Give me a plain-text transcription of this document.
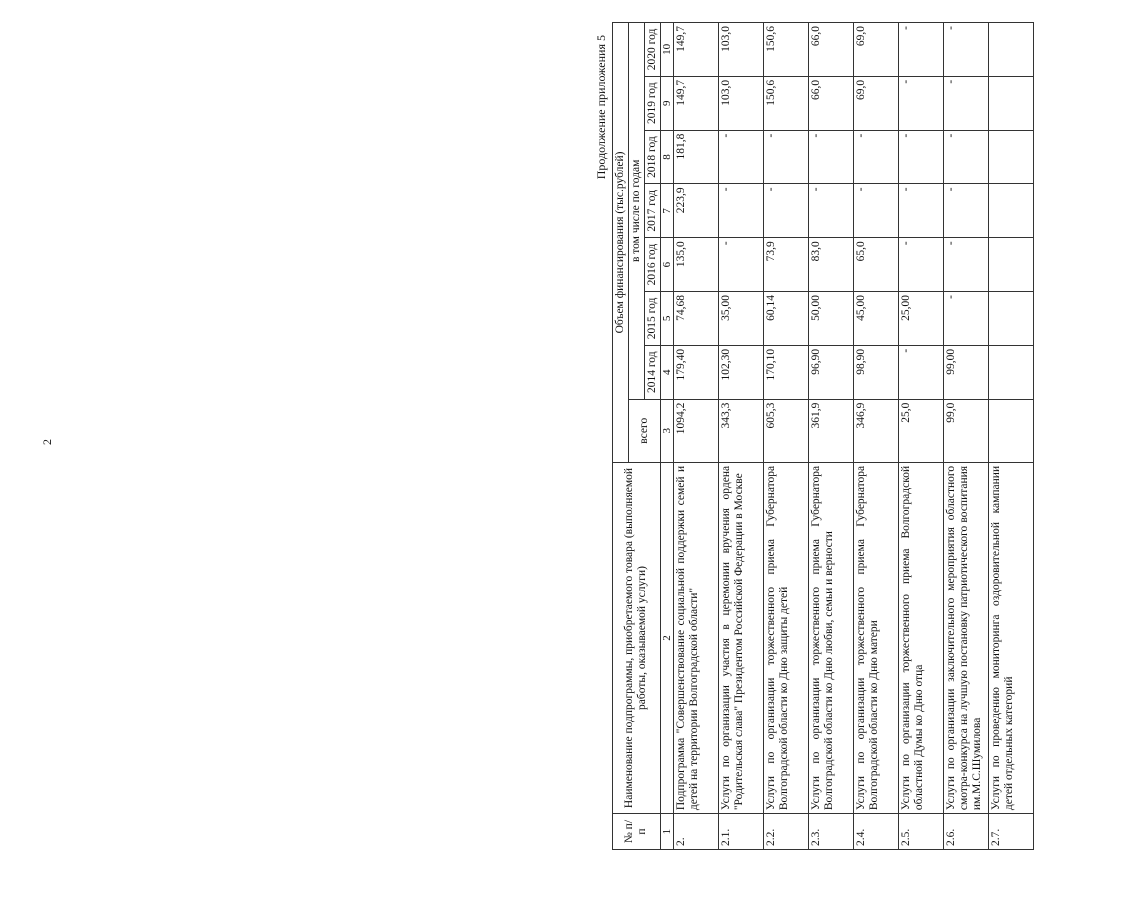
2
Продолжение приложения 5
№ п/п	Наименование подпрограммы, приобретаемого товара (выполняемой работы, оказываемой услуги)	Объем финансирования (тыс.рублей)							
		всего	в том числе по годам						
			2014 год	2015 год	2016 год	2017 год	2018 год	2019 год	2020 год
1	2	3	4	5	6	7	8	9	10
2.	Подпрограмма "Совершенствование социальной поддержки семей и детей на территории Волгоградской области"	1094,2	179,40	74,68	135,0	223,9	181,8	149,7	149,7
2.1.	Услуги по организации участия в церемонии вручения ордена "Родительская слава" Президентом Российской Федерации в Москве	343,3	102,30	35,00	-	-	-	103,0	103,0
2.2.	Услуги по организации торжественного приема Губернатора Волгоградской области ко Дню защиты детей	605,3	170,10	60,14	73,9	-	-	150,6	150,6
2.3.	Услуги по организации торжественного приема Губернатора Волгоградской области ко Дню любви, семьи и верности	361,9	96,90	50,00	83,0	-	-	66,0	66,0
2.4.	Услуги по организации торжественного приема Губернатора Волгоградской области ко Дню матери	346,9	98,90	45,00	65,0	-	-	69,0	69,0
2.5.	Услуги по организации торжественного приема Волгоградской областной Думы ко Дню отца	25,0	-	25,00	-	-	-	-	-
2.6.	Услуги по организации заключительного мероприятия областного смотра-конкурса на лучшую постановку патриотического воспитания им.М.С.Шумилова	99,0	99,00	-	-	-	-	-	-
2.7.	Услуги по проведению мониторинга оздоровительной кампании детей отдельных категорий								
